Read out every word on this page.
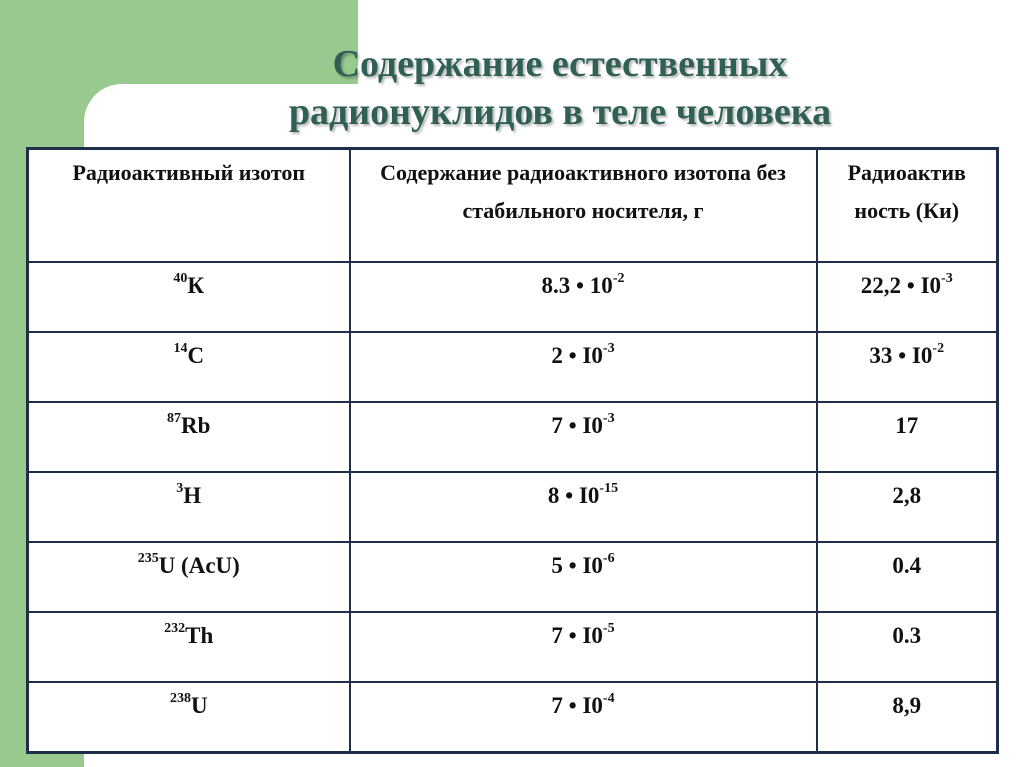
Содержание естественных
радионуклидов в теле человека
Радиоактивный изотоп	Содержание радиоактивного изотопа без стабильного носителя, г	Радиоактив ность (Ки)
$^{40}$К	8.3 • $10^{-2}$	22,2 • $I0^{-3}$
$^{14}$С	2 • $I0^{-3}$	33 • $I0^{-2}$
$^{87}$Rb	7 • $I0^{-3}$	17
$^3$Н	8 • $I0^{-15}$	2,8
$^{235}$U (AcU)	5 • $I0^{-6}$	0.4
$^{232}$Th	7 • $I0^{-5}$	0.3
$^{238}$U	7 • $I0^{-4}$	8,9
